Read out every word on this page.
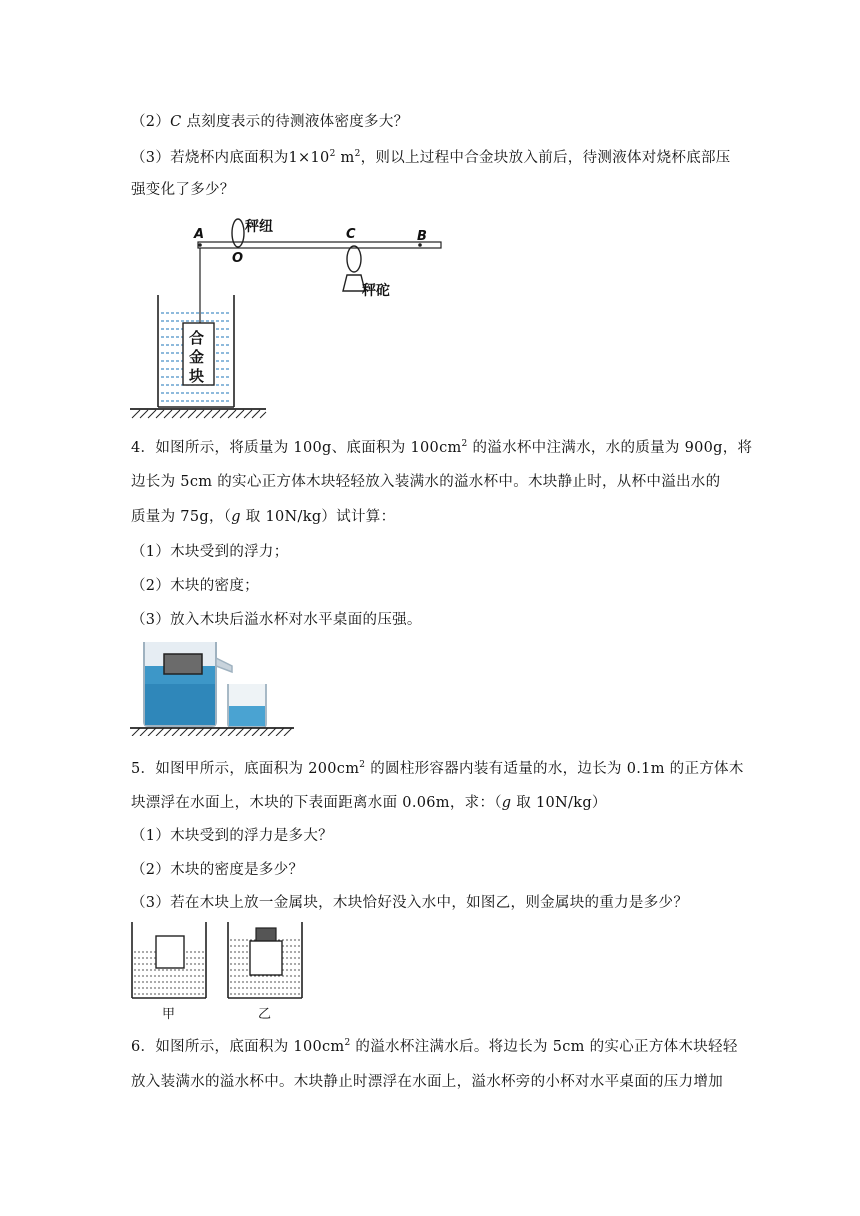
（2）C 点刻度表示的待测液体密度多大？
（3）若烧杯内底面积为$1\times 10^2$ $m^2$，则以上过程中合金块放入前后，待测液体对烧杯底部压
强变化了多少？
A
O
C	B
秤纽
秤砣
合
金
块
4．如图所示，将质量为 100g、底面积为 $100cm^2$ 的溢水杯中注满水，水的质量为 900g，将
边长为 5cm 的实心正方体木块轻轻放入装满水的溢水杯中。木块静止时，从杯中溢出水的
质量为 75g，（g 取 10N/kg）试计算：
（1）木块受到的浮力；
（2）木块的密度；
（3）放入木块后溢水杯对水平桌面的压强。
5．如图甲所示，底面积为 $200cm^2$ 的圆柱形容器内装有适量的水，边长为 0.1m 的正方体木
块漂浮在水面上，木块的下表面距离水面 0.06m，求：（g 取 10N/kg）
（1）木块受到的浮力是多大？
（2）木块的密度是多少？
（3）若在木块上放一金属块，木块恰好没入水中，如图乙，则金属块的重力是多少？
甲	乙
6．如图所示，底面积为 $100cm^2$ 的溢水杯注满水后。将边长为 5cm 的实心正方体木块轻轻
放入装满水的溢水杯中。木块静止时漂浮在水面上，溢水杯旁的小杯对水平桌面的压力增加
